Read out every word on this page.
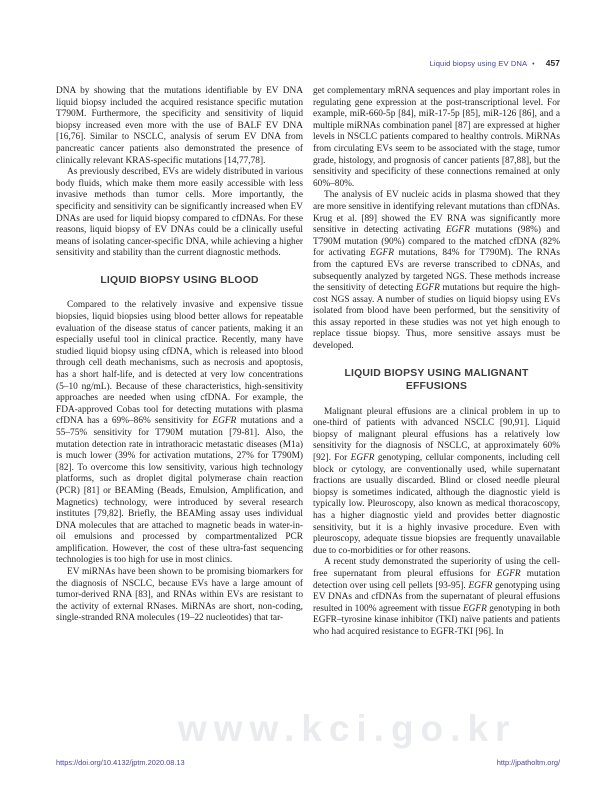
Liquid biopsy using EV DNA • 457

DNA by showing that the mutations identifiable by EV DNA liquid biopsy included the acquired resistance specific mutation T790M. Furthermore, the specificity and sensitivity of liquid biopsy increased even more with the use of BALF EV DNA [16,76]. Similar to NSCLC, analysis of serum EV DNA from pancreatic cancer patients also demonstrated the presence of clinically relevant KRAS-specific mutations [14,77,78].

As previously described, EVs are widely distributed in various body fluids, which make them more easily accessible with less invasive methods than tumor cells. More importantly, the specificity and sensitivity can be significantly increased when EV DNAs are used for liquid biopsy compared to cfDNAs. For these reasons, liquid biopsy of EV DNAs could be a clinically useful means of isolating cancer-specific DNA, while achieving a higher sensitivity and stability than the current diagnostic methods.

LIQUID BIOPSY USING BLOOD

Compared to the relatively invasive and expensive tissue biopsies, liquid biopsies using blood better allows for repeatable evaluation of the disease status of cancer patients, making it an especially useful tool in clinical practice. Recently, many have studied liquid biopsy using cfDNA, which is released into blood through cell death mechanisms, such as necrosis and apoptosis, has a short half-life, and is detected at very low concentrations (5–10 ng/mL). Because of these characteristics, high-sensitivity approaches are needed when using cfDNA. For example, the FDA-approved Cobas tool for detecting mutations with plasma cfDNA has a 69%–86% sensitivity for EGFR mutations and a 55–75% sensitivity for T790M mutation [79-81]. Also, the mutation detection rate in intrathoracic metastatic diseases (M1a) is much lower (39% for activation mutations, 27% for T790M) [82]. To overcome this low sensitivity, various high technology platforms, such as droplet digital polymerase chain reaction (PCR) [81] or BEAMing (Beads, Emulsion, Amplification, and Magnetics) technology, were introduced by several research institutes [79,82]. Briefly, the BEAMing assay uses individual DNA molecules that are attached to magnetic beads in water-in-oil emulsions and processed by compartmentalized PCR amplification. However, the cost of these ultra-fast sequencing technologies is too high for use in most clinics.

EV miRNAs have been shown to be promising biomarkers for the diagnosis of NSCLC, because EVs have a large amount of tumor-derived RNA [83], and RNAs within EVs are resistant to the activity of external RNases. MiRNAs are short, non-coding, single-stranded RNA molecules (19–22 nucleotides) that tar-

get complementary mRNA sequences and play important roles in regulating gene expression at the post-transcriptional level. For example, miR-660-5p [84], miR-17-5p [85], miR-126 [86], and a multiple miRNAs combination panel [87] are expressed at higher levels in NSCLC patients compared to healthy controls. MiRNAs from circulating EVs seem to be associated with the stage, tumor grade, histology, and prognosis of cancer patients [87,88], but the sensitivity and specificity of these connections remained at only 60%–80%.

The analysis of EV nucleic acids in plasma showed that they are more sensitive in identifying relevant mutations than cfDNAs. Krug et al. [89] showed the EV RNA was significantly more sensitive in detecting activating EGFR mutations (98%) and T790M mutation (90%) compared to the matched cfDNA (82% for activating EGFR mutations, 84% for T790M). The RNAs from the captured EVs are reverse transcribed to cDNAs, and subsequently analyzed by targeted NGS. These methods increase the sensitivity of detecting EGFR mutations but require the high-cost NGS assay. A number of studies on liquid biopsy using EVs isolated from blood have been performed, but the sensitivity of this assay reported in these studies was not yet high enough to replace tissue biopsy. Thus, more sensitive assays must be developed.

LIQUID BIOPSY USING MALIGNANT EFFUSIONS

Malignant pleural effusions are a clinical problem in up to one-third of patients with advanced NSCLC [90,91]. Liquid biopsy of malignant pleural effusions has a relatively low sensitivity for the diagnosis of NSCLC, at approximately 60% [92]. For EGFR genotyping, cellular components, including cell block or cytology, are conventionally used, while supernatant fractions are usually discarded. Blind or closed needle pleural biopsy is sometimes indicated, although the diagnostic yield is typically low. Pleuroscopy, also known as medical thoracoscopy, has a higher diagnostic yield and provides better diagnostic sensitivity, but it is a highly invasive procedure. Even with pleuroscopy, adequate tissue biopsies are frequently unavailable due to co-morbidities or for other reasons.

A recent study demonstrated the superiority of using the cell-free supernatant from pleural effusions for EGFR mutation detection over using cell pellets [93-95]. EGFR genotyping using EV DNAs and cfDNAs from the supernatant of pleural effusions resulted in 100% agreement with tissue EGFR genotyping in both EGFR–tyrosine kinase inhibitor (TKI) naïve patients and patients who had acquired resistance to EGFR-TKI [96]. In

www.kci.go.kr
https://doi.org/10.4132/jptm.2020.08.13	http://jpatholtm.org/
